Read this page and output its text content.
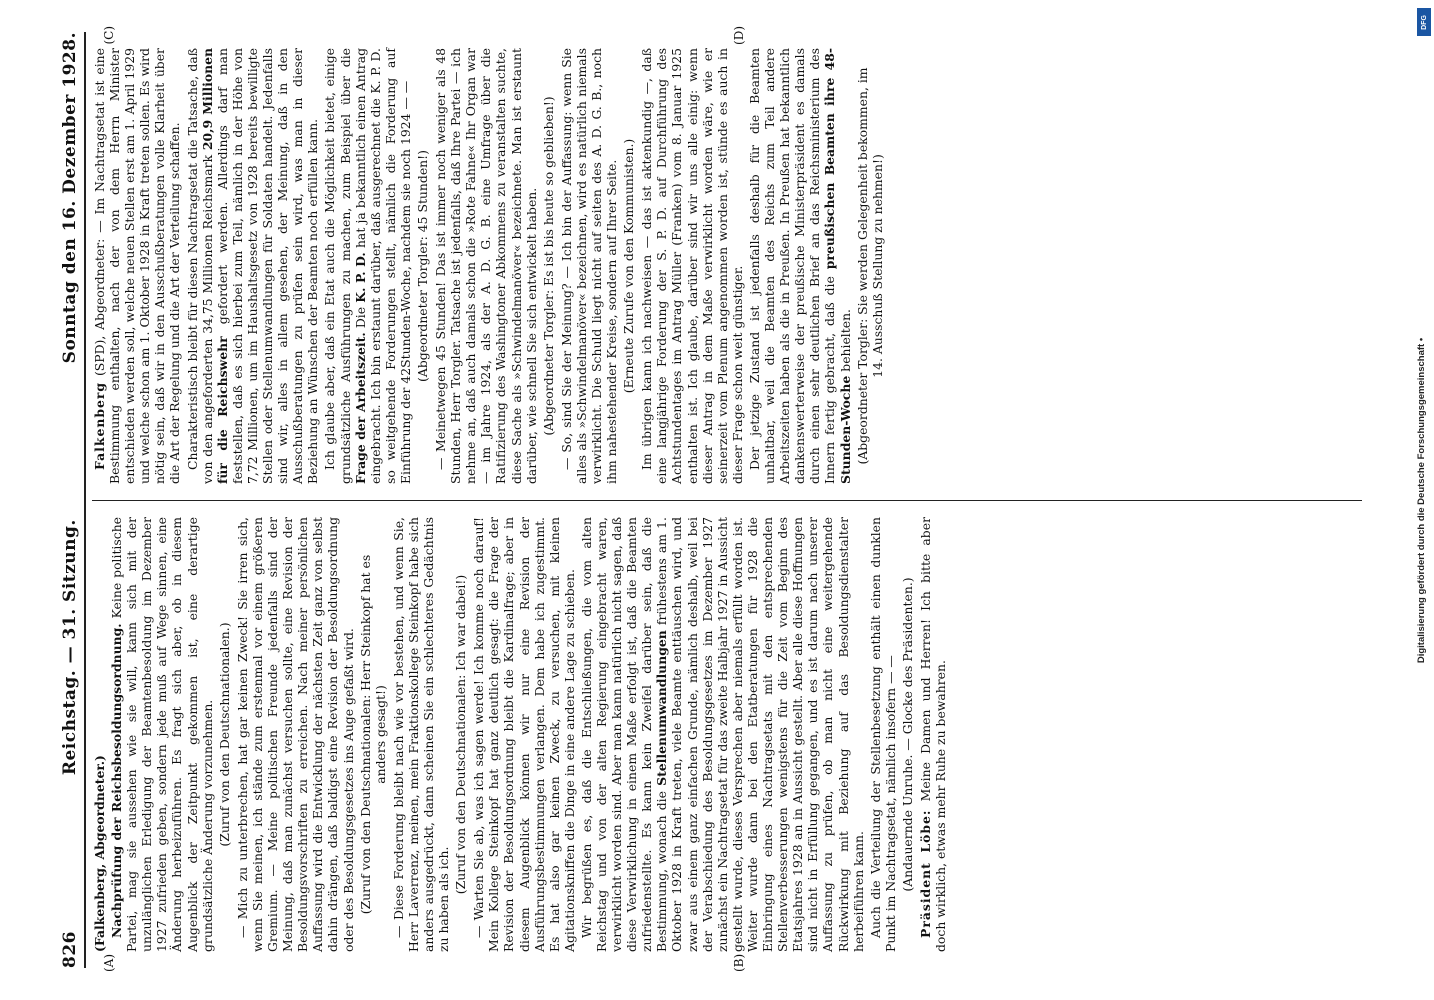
826
Reichstag. — 31. Sitzung.
Sonntag den 16. Dezember 1928.

(Falkenberg, Abgeordneter.) Nachprüfung der Reichsbesoldungsordnung. Keine politische Partei, mag sie aussehen wie sie will, kann sich mit der unzulänglichen Erledigung der Beamtenbesoldung im Dezember 1927 zufrieden geben, sondern jede muß auf Wege sinnen, eine Änderung herbeizuführen. Es fragt sich aber, ob in diesem Augenblick der Zeitpunkt gekommen ist, eine derartige grundsätzliche Änderung vorzunehmen. (Zuruf von den Deutschnationalen.) — Mich zu unterbrechen, hat gar keinen Zweck! Sie irren sich, wenn Sie meinen, ich stände zum erstenmal vor einem größeren Gremium. — Meine politischen Freunde jedenfalls sind der Meinung, daß man zunächst versuchen sollte, eine Revision der Besoldungsvorschriften zu erreichen. Nach meiner persönlichen Auffassung wird die Entwicklung der nächsten Zeit ganz von selbst dahin drängen, daß baldigst eine Revision der Besoldungsordnung oder des Besoldungsgesetzes ins Auge gefaßt wird. (Zuruf von den Deutschnationalen: Herr Steinkopf hat es anders gesagt!) — Diese Forderung bleibt nach wie vor bestehen, und wenn Sie, Herr Laverrenz, meinen, mein Fraktionskollege Steinkopf habe sich anders ausgedrückt, dann scheinen Sie ein schlechteres Gedächtnis zu haben als ich.

(Zuruf von den Deutschnationalen: Ich war dabei!) — Warten Sie ab, was ich sagen werde! Ich komme noch darauf! Mein Kollege Steinkopf hat ganz deutlich gesagt: die Frage der Revision der Besoldungsordnung bleibt die Kardinalfrage; aber in diesem Augenblick können wir nur eine Revision der Ausführungsbestimmungen verlangen. Dem habe ich zugestimmt. Es hat also gar keinen Zweck, zu versuchen, mit kleinen Agitationskniffen die Dinge in eine andere Lage zu schieben. Wir begrüßen es, daß die Entschließungen, die vom alten Reichstag und von der alten Regierung eingebracht waren, verwirklicht worden sind. Aber man kann natürlich nicht sagen, daß diese Verwirklichung in einem Maße erfolgt ist, daß die Beamten zufriedenstellte. Es kann kein Zweifel darüber sein, daß die Bestimmung, wonach die Stellenumwandlungen frühestens am 1. Oktober 1928 in Kraft treten, viele Beamte enttäuschen wird, und zwar aus einem ganz einfachen Grunde, nämlich deshalb, weil bei der Verabschiedung des Besoldungsgesetzes im Dezember 1927 zunächst ein Nachtragsetat für das zweite Halbjahr 1927 in Aussicht gestellt wurde, dieses Versprechen aber niemals erfüllt worden ist. Weiter wurde dann bei den Etatberatungen für 1928 die Einbringung eines Nachtragsetats mit den entsprechenden Stellenverbesserungen wenigstens für die Zeit vom Beginn des Etatsjahres 1928 an in Aussicht gestellt. Aber alle diese Hoffnungen sind nicht in Erfüllung gegangen, und es ist darum nach unserer Auffassung zu prüfen, ob man nicht eine weitergehende Rückwirkung mit Beziehung auf das Besoldungsdienstalter herbeiführen kann. Auch die Verteilung der Stellenbesetzung enthält einen dunklen Punkt im Nachtragsetat, nämlich insofern — — (Andauernde Unruhe. — Glocke des Präsidenten.) Präsident Löbe: Meine Damen und Herren! Ich bitte aber doch wirklich, etwas mehr Ruhe zu bewahren.

Falkenberg (SPD), Abgeordneter: — Im Nachtragsetat ist eine Bestimmung enthalten, nach der von dem Herrn Minister entschieden werden soll, welche neuen Stellen erst am 1. April 1929 und welche schon am 1. Oktober 1928 in Kraft treten sollen. Es wird nötig sein, daß wir in den Ausschußberatungen volle Klarheit über die Art der Regelung und die Art der Verteilung schaffen. Charakteristisch bleibt für diesen Nachtragsetat die Tatsache, daß von den angeforderten 34,75 Millionen Reichsmark 20,9 Millionen für die Reichswehr gefordert werden. Allerdings darf man feststellen, daß es sich hierbei zum Teil, nämlich in der Höhe von 7,72 Millionen, um im Haushaltsgesetz von 1928 bereits bewilligte Stellen oder Stellenumwandlungen für Soldaten handelt. Jedenfalls sind wir, alles in allem gesehen, der Meinung, daß in den Ausschußberatungen zu prüfen sein wird, was man in dieser Beziehung an Wünschen der Beamten noch erfüllen kann. Ich glaube aber, daß ein Etat auch die Möglichkeit bietet, einige grundsätzliche Ausführungen zu machen, zum Beispiel über die Frage der Arbeitszeit. Die K. P. D. hat ja bekanntlich einen Antrag eingebracht. Ich bin erstaunt darüber, daß ausgerechnet die K. P. D. so weitgehende Forderungen stellt, nämlich die Forderung auf Einführung der 42Stunden-Woche, nachdem sie noch 1924 — — (Abgeordneter Torgler: 45 Stunden!) — Meinetwegen 45 Stunden! Das ist immer noch weniger als 48 Stunden, Herr Torgler. Tatsache ist jedenfalls, daß Ihre Partei — ich nehme an, daß auch damals schon die »Rote Fahne« Ihr Organ war — im Jahre 1924, als der A. D. G. B. eine Umfrage über die Ratifizierung des Washingtoner Abkommens zu veranstalten suchte, diese Sache als »Schwindelmanöver« bezeichnete. Man ist erstaunt darüber, wie schnell Sie sich entwickelt haben. (Abgeordneter Torgler: Es ist bis heute so geblieben!) — So, sind Sie der Meinung? — Ich bin der Auffassung: wenn Sie alles als »Schwindelmanöver« bezeichnen, wird es natürlich niemals verwirklicht. Die Schuld liegt nicht auf seiten des A. D. G. B., noch ihm nahestehender Kreise, sondern auf Ihrer Seite. (Erneute Zurufe von den Kommunisten.) Im übrigen kann ich nachweisen — das ist aktenkundig —, daß eine langjährige Forderung der S. P. D. auf Durchführung des Achtstundentages im Antrag Müller (Franken) vom 8. Januar 1925 enthalten ist. Ich glaube, darüber sind wir uns alle einig: wenn dieser Antrag in dem Maße verwirklicht worden wäre, wie er seinerzeit vom Plenum angenommen worden ist, stünde es auch in dieser Frage schon weit günstiger. Der jetzige Zustand ist jedenfalls deshalb für die Beamten unhaltbar, weil die Beamten des Reichs zum Teil andere Arbeitszeiten haben als die in Preußen. In Preußen hat bekanntlich dankenswerterweise der preußische Ministerpräsident es damals durch einen sehr deutlichen Brief an das Reichsministerium des Innern fertig gebracht, daß die preußischen Beamten ihre 48-Stunden-Woche behielten. (Abgeordneter Torgler: Sie werden Gelegenheit bekommen, im 14. Ausschuß Stellung zu nehmen!)

(A)	(B)
(C)	(D)
DFG
Digitalisierung gefördert durch die Deutsche Forschungsgemeinschaft •
